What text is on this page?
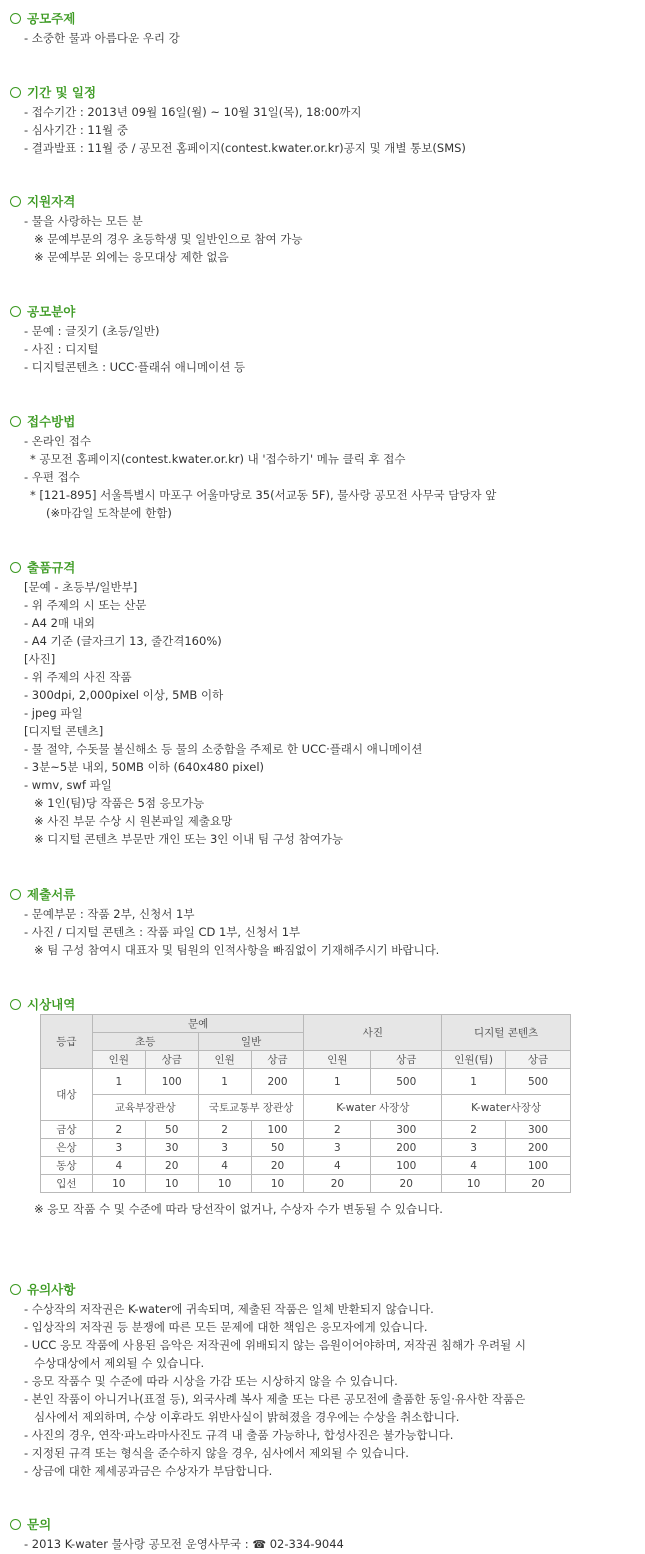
공모주제
- 소중한 물과 아름다운 우리 강
기간 및 일정
- 접수기간 : 2013년 09월 16일(월) ~ 10월 31일(목), 18:00까지
- 심사기간 : 11월 중
- 결과발표 : 11월 중 / 공모전 홈페이지(contest.kwater.or.kr)공지 및 개별 통보(SMS)
지원자격
- 물을 사랑하는 모든 분
※ 문예부문의 경우 초등학생 및 일반인으로 참여 가능
※ 문예부문 외에는 응모대상 제한 없음
공모분야
- 문예 : 글짓기 (초등/일반)
- 사진 : 디지털
- 디지털콘텐츠 : UCC·플래쉬 애니메이션 등
접수방법
- 온라인 접수
* 공모전 홈페이지(contest.kwater.or.kr) 내 '접수하기' 메뉴 클릭 후 접수
- 우편 접수
* [121-895] 서울특별시 마포구 어울마당로 35(서교동 5F), 물사랑 공모전 사무국 담당자 앞
(※마감일 도착분에 한함)
출품규격
[문예 - 초등부/일반부]
- 위 주제의 시 또는 산문
- A4 2매 내외
- A4 기준 (글자크기 13, 줄간격160%)
[사진]
- 위 주제의 사진 작품
- 300dpi, 2,000pixel 이상, 5MB 이하
- jpeg 파일
[디지털 콘텐츠]
- 물 절약, 수돗물 불신해소 등 물의 소중함을 주제로 한 UCC·플래시 애니메이션
- 3분~5분 내외, 50MB 이하 (640x480 pixel)
- wmv, swf 파일
※ 1인(팀)당 작품은 5점 응모가능
※ 사진 부문 수상 시 원본파일 제출요망
※ 디지털 콘텐츠 부문만 개인 또는 3인 이내 팀 구성 참여가능
제출서류
- 문예부문 : 작품 2부, 신청서 1부
- 사진 / 디지털 콘텐츠 : 작품 파일 CD 1부, 신청서 1부
※ 팀 구성 참여시 대표자 및 팀원의 인적사항을 빠짐없이 기재해주시기 바랍니다.
시상내역
등급	문예				사진		디지털 콘텐츠	
	초등		일반					
	인원	상금	인원	상금	인원	상금	인원(팀)	상금
대상	1	100	1	200	1	500	1	500
	교육부장관상		국토교통부 장관상		K-water 사장상		K-water사장상	
금상	2	50	2	100	2	300	2	300
은상	3	30	3	50	3	200	3	200
동상	4	20	4	20	4	100	4	100
입선	10	10	10	10	20	20	10	20
※ 응모 작품 수 및 수준에 따라 당선작이 없거나, 수상자 수가 변동될 수 있습니다.
유의사항
- 수상작의 저작권은 K-water에 귀속되며, 제출된 작품은 일체 반환되지 않습니다.
- 입상작의 저작권 등 분쟁에 따른 모든 문제에 대한 책임은 응모자에게 있습니다.
- UCC 응모 작품에 사용된 음악은 저작권에 위배되지 않는 음원이어야하며, 저작권 침해가 우려될 시
수상대상에서 제외될 수 있습니다.
- 응모 작품수 및 수준에 따라 시상을 가감 또는 시상하지 않을 수 있습니다.
- 본인 작품이 아니거나(표절 등), 외국사례 복사 제출 또는 다른 공모전에 출품한 동일·유사한 작품은
심사에서 제외하며, 수상 이후라도 위반사실이 밝혀졌을 경우에는 수상을 취소합니다.
- 사진의 경우, 연작·파노라마사진도 규격 내 출품 가능하나, 합성사진은 불가능합니다.
- 지정된 규격 또는 형식을 준수하지 않을 경우, 심사에서 제외될 수 있습니다.
- 상금에 대한 제세공과금은 수상자가 부담합니다.
문의
- 2013 K-water 물사랑 공모전 운영사무국 : ☎ 02-334-9044
